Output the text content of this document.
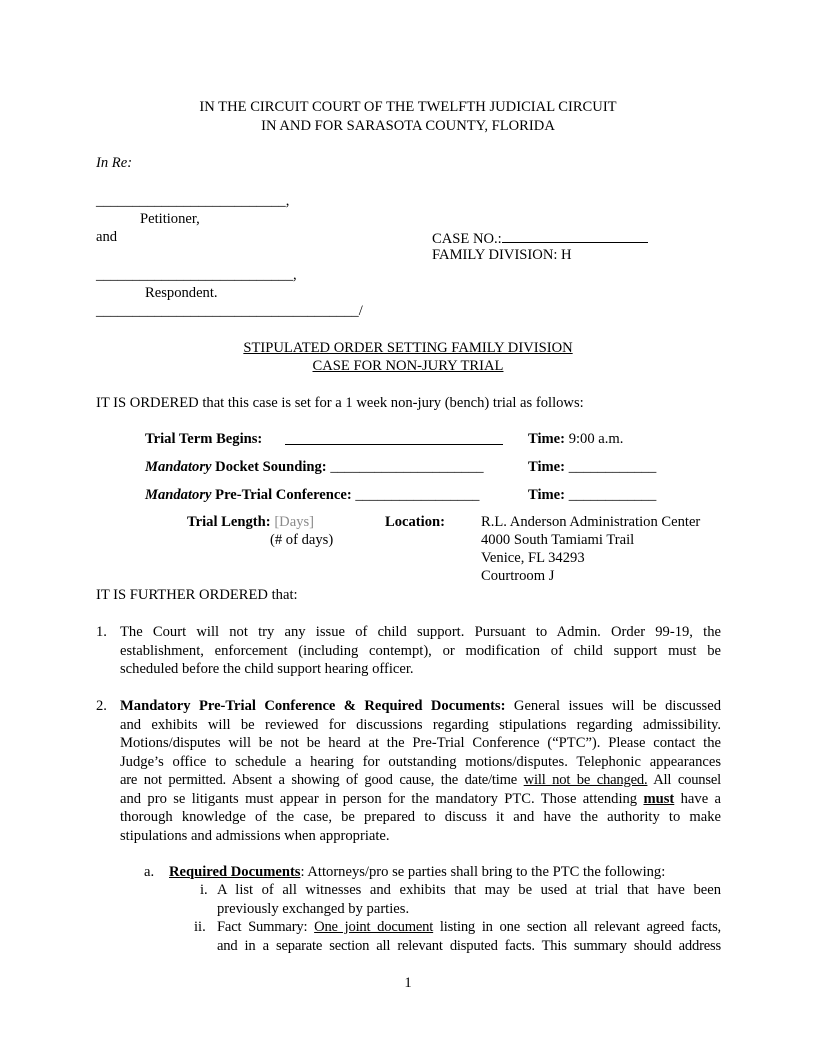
IN THE CIRCUIT COURT OF THE TWELFTH JUDICIAL CIRCUIT
IN AND FOR SARASOTA COUNTY, FLORIDA
In Re:
__________________________,
Petitioner,
and	CASE NO.:
FAMILY DIVISION: H
___________________________,
Respondent.
____________________________________/
STIPULATED ORDER SETTING FAMILY DIVISION
CASE FOR NON-JURY TRIAL
IT IS ORDERED that this case is set for a 1 week non-jury (bench) trial as follows:
Trial Term Begins:	Time: 9:00 a.m.
Mandatory Docket Sounding: _____________________	Time: ____________
Mandatory Pre-Trial Conference: _________________	Time: ____________
Trial Length: [Days]
(# of days)
Location: R.L. Anderson Administration Center
4000 South Tamiami Trail
Venice, FL 34293
Courtroom J
IT IS FURTHER ORDERED that:
1. The Court will not try any issue of child support. Pursuant to Admin. Order 99-19, the
establishment, enforcement (including contempt), or modification of child support must be
scheduled before the child support hearing officer.
2. Mandatory Pre-Trial Conference & Required Documents: General issues will be discussed
and exhibits will be reviewed for discussions regarding stipulations regarding admissibility.
Motions/disputes will be not be heard at the Pre-Trial Conference (“PTC”). Please contact the
Judge’s office to schedule a hearing for outstanding motions/disputes. Telephonic appearances
are not permitted. Absent a showing of good cause, the date/time will not be changed. All counsel
and pro se litigants must appear in person for the mandatory PTC. Those attending must have a
thorough knowledge of the case, be prepared to discuss it and have the authority to make
stipulations and admissions when appropriate.
a. Required Documents: Attorneys/pro se parties shall bring to the PTC the following:
i. A list of all witnesses and exhibits that may be used at trial that have been
previously exchanged by parties.
ii. Fact Summary: One joint document listing in one section all relevant agreed facts,
and in a separate section all relevant disputed facts. This summary should address
1
